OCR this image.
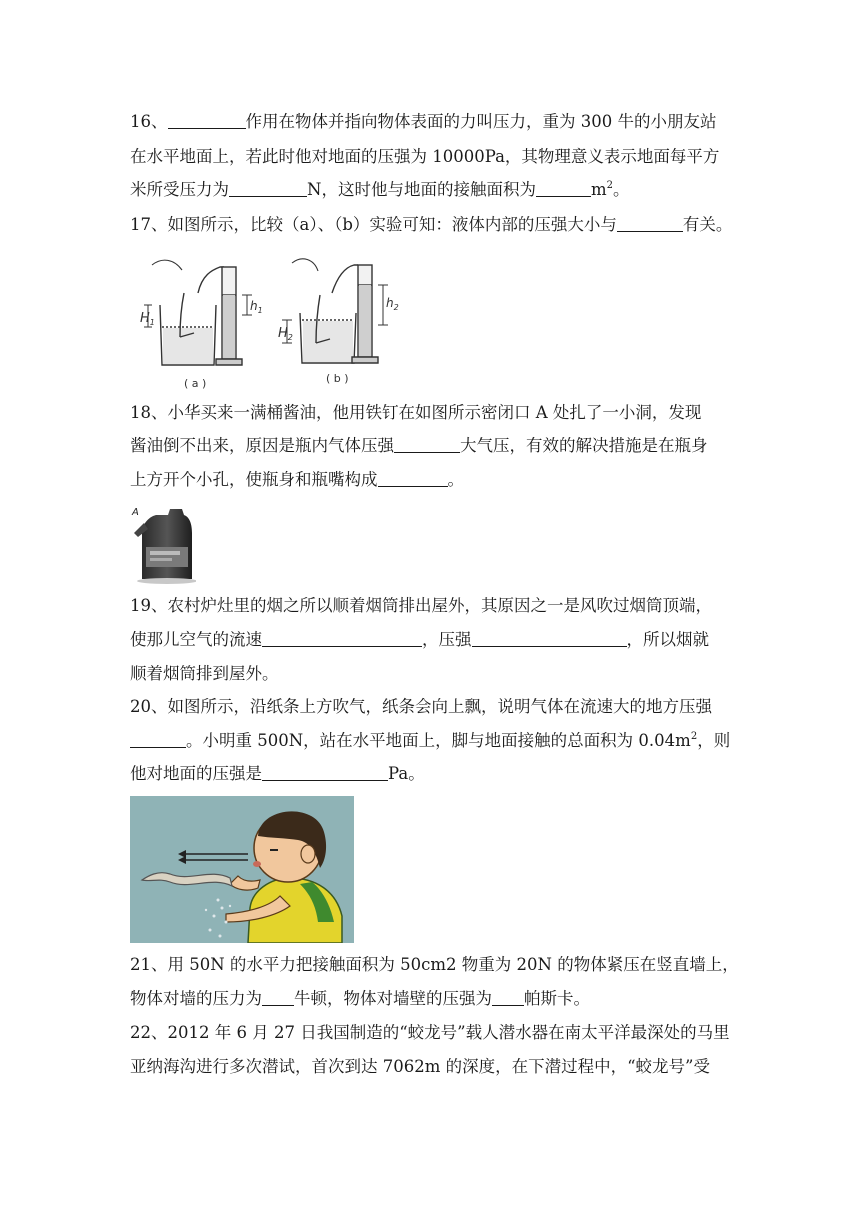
16、	作用在物体并指向物体表面的力叫压力，重为 300 牛的小朋友站
在水平地面上，若此时他对地面的压强为 10000Pa，其物理意义表示地面每平方
米所受压力为	N，这时他与地面的接触面积为	$m^2$。
17、如图所示，比较（a）、（b）实验可知：液体内部的压强大小与	有关。
$H_1$
$h_1$
( a )
$H_2$
$h_2$
( b )
18、小华买来一满桶酱油，他用铁钉在如图所示密闭口 A 处扎了一小洞，发现
酱油倒不出来，原因是瓶内气体压强	大气压，有效的解决措施是在瓶身
上方开个小孔，使瓶身和瓶嘴构成	。
A
19、农村炉灶里的烟之所以顺着烟筒排出屋外，其原因之一是风吹过烟筒顶端，
使那儿空气的流速	，压强	，所以烟就
顺着烟筒排到屋外。
20、如图所示，沿纸条上方吹气，纸条会向上飘，说明气体在流速大的地方压强
。小明重 500N，站在水平地面上，脚与地面接触的总面积为 $0.04m^2$，则
他对地面的压强是	Pa。
21、用 50N 的水平力把接触面积为 50cm2 物重为 20N 的物体紧压在竖直墙上，
物体对墙的压力为 牛顿，物体对墙壁的压强为 帕斯卡。
22、2012 年 6 月 27 日我国制造的“蛟龙号”载人潜水器在南太平洋最深处的马里
亚纳海沟进行多次潜试，首次到达 7062m 的深度，在下潜过程中，“蛟龙号”受
